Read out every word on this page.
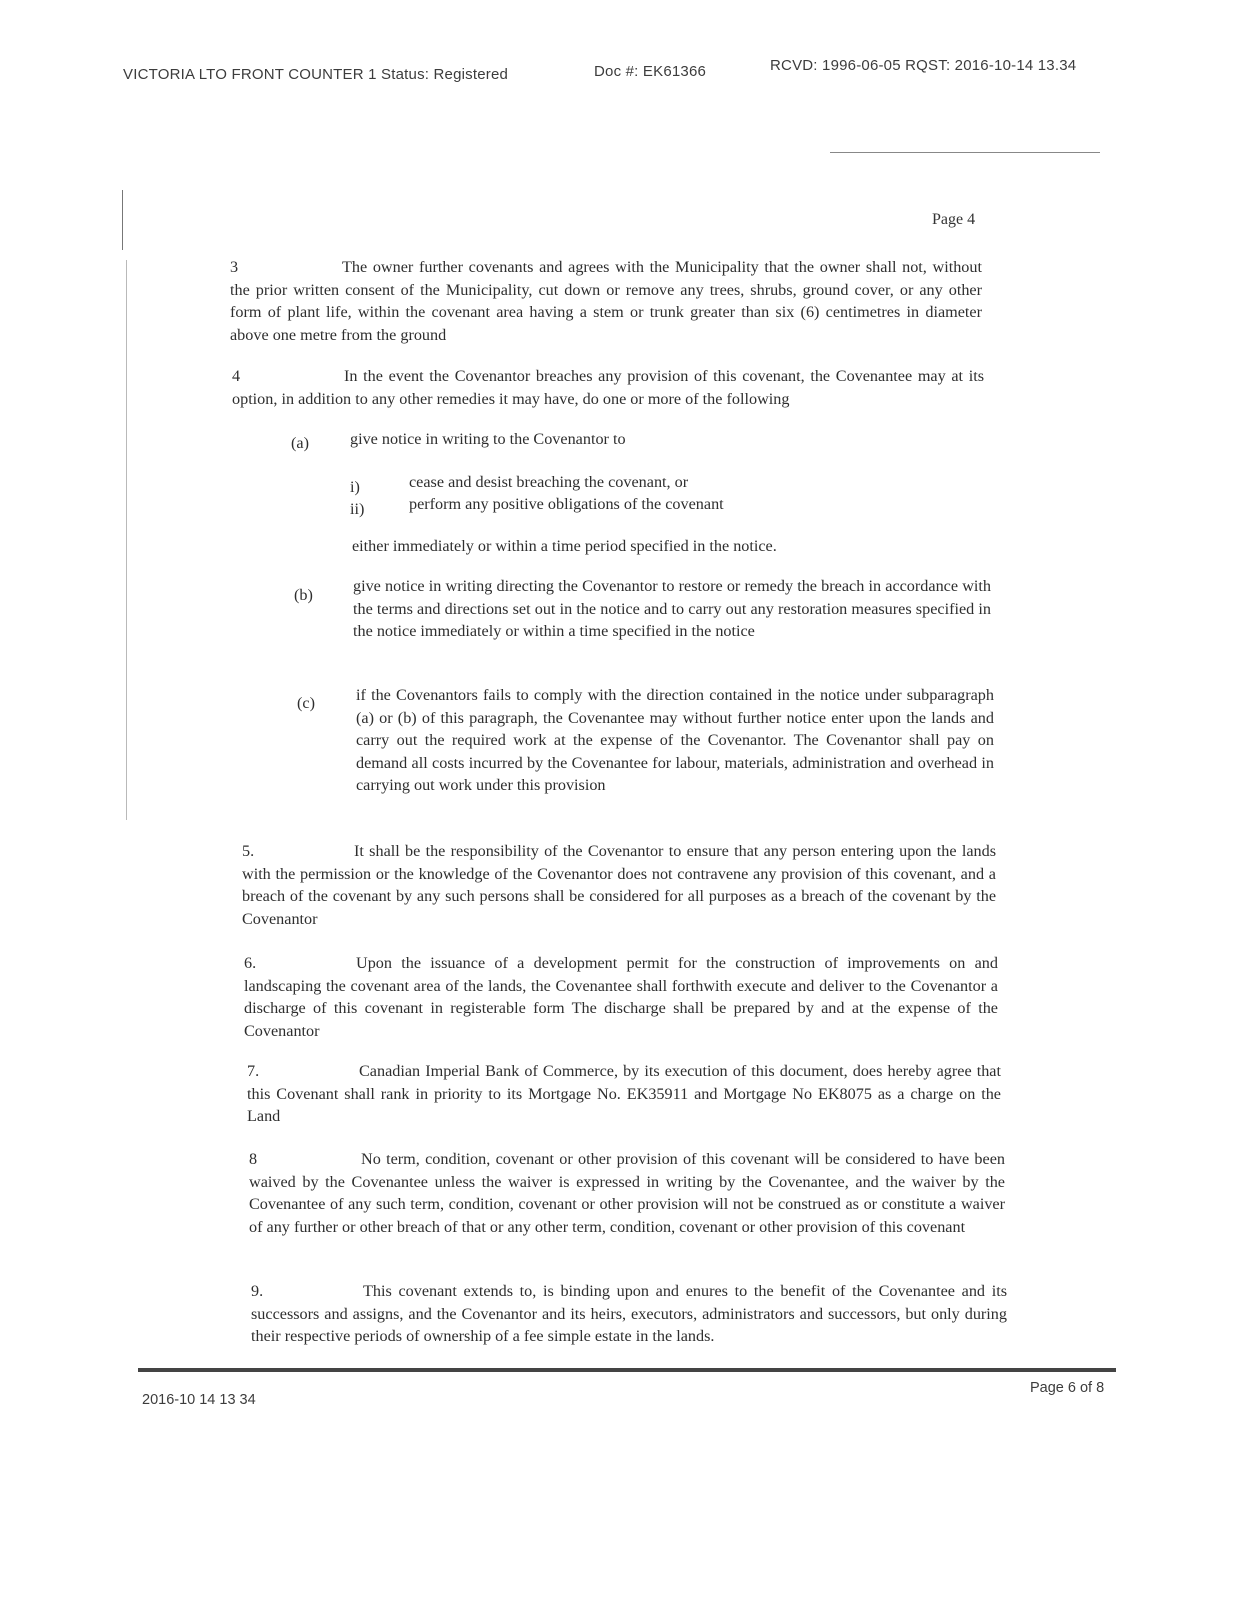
VICTORIA LTO FRONT COUNTER 1 Status: Registered	Doc #: EK61366	RCVD: 1996-06-05 RQST: 2016-10-14 13.34
Page 4
3	The owner further covenants and agrees with the Municipality that the owner shall not, without the prior written consent of the Municipality, cut down or remove any trees, shrubs, ground cover, or any other form of plant life, within the covenant area having a stem or trunk greater than six (6) centimetres in diameter above one metre from the ground
4	In the event the Covenantor breaches any provision of this covenant, the Covenantee may at its option, in addition to any other remedies it may have, do one or more of the following
(a)	give notice in writing to the Covenantor to
i)	cease and desist breaching the covenant, or
ii)	perform any positive obligations of the covenant
either immediately or within a time period specified in the notice.
(b) give notice in writing directing the Covenantor to restore or remedy the breach in accordance with the terms and directions set out in the notice and to carry out any restoration measures specified in the notice immediately or within a time specified in the notice
(c)	if the Covenantors fails to comply with the direction contained in the notice under subparagraph (a) or (b) of this paragraph, the Covenantee may without further notice enter upon the lands and carry out the required work at the expense of the Covenantor. The Covenantor shall pay on demand all costs incurred by the Covenantee for labour, materials, administration and overhead in carrying out work under this provision
5.	It shall be the responsibility of the Covenantor to ensure that any person entering upon the lands with the permission or the knowledge of the Covenantor does not contravene any provision of this covenant, and a breach of the covenant by any such persons shall be considered for all purposes as a breach of the covenant by the Covenantor
6.	Upon the issuance of a development permit for the construction of improvements on and landscaping the covenant area of the lands, the Covenantee shall forthwith execute and deliver to the Covenantor a discharge of this covenant in registerable form The discharge shall be prepared by and at the expense of the Covenantor
7.	Canadian Imperial Bank of Commerce, by its execution of this document, does hereby agree that this Covenant shall rank in priority to its Mortgage No. EK35911 and Mortgage No EK8075 as a charge on the Land
8	No term, condition, covenant or other provision of this covenant will be considered to have been waived by the Covenantee unless the waiver is expressed in writing by the Covenantee, and the waiver by the Covenantee of any such term, condition, covenant or other provision will not be construed as or constitute a waiver of any further or other breach of that or any other term, condition, covenant or other provision of this covenant
9.	This covenant extends to, is binding upon and enures to the benefit of the Covenantee and its successors and assigns, and the Covenantor and its heirs, executors, administrators and successors, but only during their respective periods of ownership of a fee simple estate in the lands.
2016-10 14 13 34
Page 6 of 8
